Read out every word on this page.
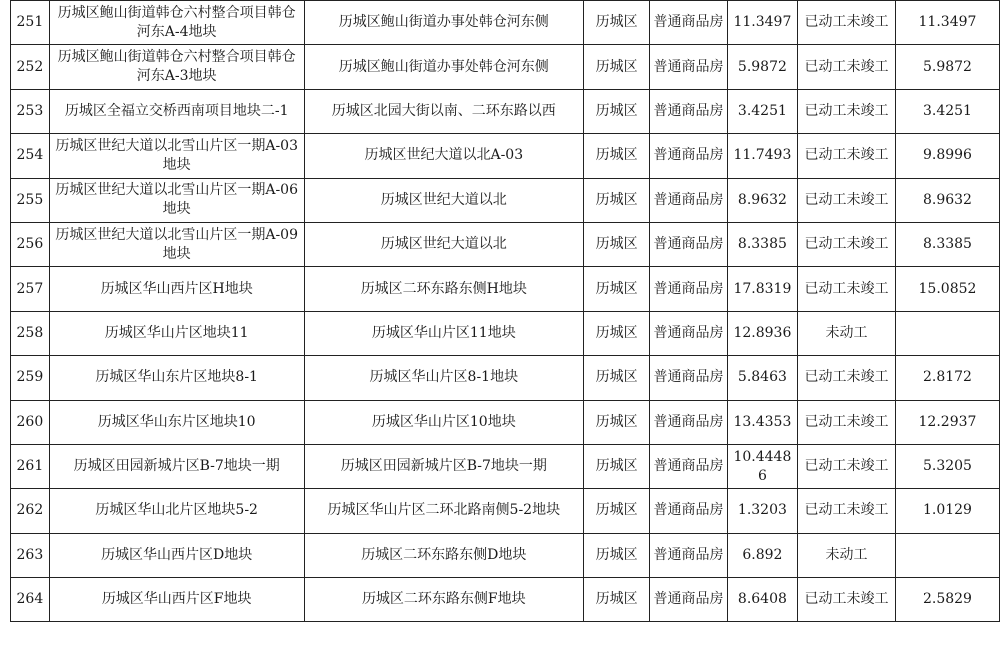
251	历城区鲍山街道韩仓六村整合项目韩仓河东A-4地块	历城区鲍山街道办事处韩仓河东侧	历城区	普通商品房	11.3497	已动工未竣工	11.3497
252	历城区鲍山街道韩仓六村整合项目韩仓河东A-3地块	历城区鲍山街道办事处韩仓河东侧	历城区	普通商品房	5.9872	已动工未竣工	5.9872
253	历城区全福立交桥西南项目地块二-1	历城区北园大街以南、二环东路以西	历城区	普通商品房	3.4251	已动工未竣工	3.4251
254	历城区世纪大道以北雪山片区一期A-03地块	历城区世纪大道以北A-03	历城区	普通商品房	11.7493	已动工未竣工	9.8996
255	历城区世纪大道以北雪山片区一期A-06地块	历城区世纪大道以北	历城区	普通商品房	8.9632	已动工未竣工	8.9632
256	历城区世纪大道以北雪山片区一期A-09地块	历城区世纪大道以北	历城区	普通商品房	8.3385	已动工未竣工	8.3385
257	历城区华山西片区H地块	历城区二环东路东侧H地块	历城区	普通商品房	17.8319	已动工未竣工	15.0852
258	历城区华山片区地块11	历城区华山片区11地块	历城区	普通商品房	12.8936	未动工	
259	历城区华山东片区地块8-1	历城区华山片区8-1地块	历城区	普通商品房	5.8463	已动工未竣工	2.8172
260	历城区华山东片区地块10	历城区华山片区10地块	历城区	普通商品房	13.4353	已动工未竣工	12.2937
261	历城区田园新城片区B-7地块一期	历城区田园新城片区B-7地块一期	历城区	普通商品房	10.44486	已动工未竣工	5.3205
262	历城区华山北片区地块5-2	历城区华山片区二环北路南侧5-2地块	历城区	普通商品房	1.3203	已动工未竣工	1.0129
263	历城区华山西片区D地块	历城区二环东路东侧D地块	历城区	普通商品房	6.892	未动工	
264	历城区华山西片区F地块	历城区二环东路东侧F地块	历城区	普通商品房	8.6408	已动工未竣工	2.5829
